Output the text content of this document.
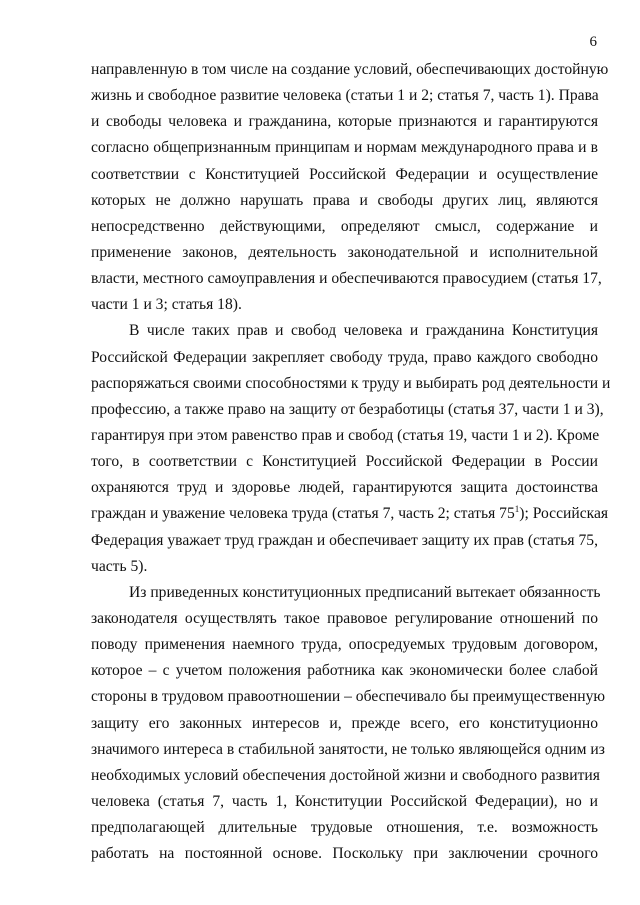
6
направленную в том числе на создание условий, обеспечивающих достойную
жизнь и свободное развитие человека (статьи 1 и 2; статья 7, часть 1). Права
и свободы человека и гражданина, которые признаются и гарантируются
согласно общепризнанным принципам и нормам международного права и в
соответствии с Конституцией Российской Федерации и осуществление
которых не должно нарушать права и свободы других лиц, являются
непосредственно действующими, определяют смысл, содержание и
применение законов, деятельность законодательной и исполнительной
власти, местного самоуправления и обеспечиваются правосудием (статья 17,
части 1 и 3; статья 18).
В числе таких прав и свобод человека и гражданина Конституция
Российской Федерации закрепляет свободу труда, право каждого свободно
распоряжаться своими способностями к труду и выбирать род деятельности и
профессию, а также право на защиту от безработицы (статья 37, части 1 и 3),
гарантируя при этом равенство прав и свобод (статья 19, части 1 и 2). Кроме
того, в соответствии с Конституцией Российской Федерации в России
охраняются труд и здоровье людей, гарантируются защита достоинства
граждан и уважение человека труда (статья 7, часть 2; статья $75^1$); Российская
Федерация уважает труд граждан и обеспечивает защиту их прав (статья 75,
часть 5).
Из приведенных конституционных предписаний вытекает обязанность
законодателя осуществлять такое правовое регулирование отношений по
поводу применения наемного труда, опосредуемых трудовым договором,
которое – с учетом положения работника как экономически более слабой
стороны в трудовом правоотношении – обеспечивало бы преимущественную
защиту его законных интересов и, прежде всего, его конституционно
значимого интереса в стабильной занятости, не только являющейся одним из
необходимых условий обеспечения достойной жизни и свободного развития
человека (статья 7, часть 1, Конституции Российской Федерации), но и
предполагающей длительные трудовые отношения, т.е. возможность
работать на постоянной основе. Поскольку при заключении срочного
